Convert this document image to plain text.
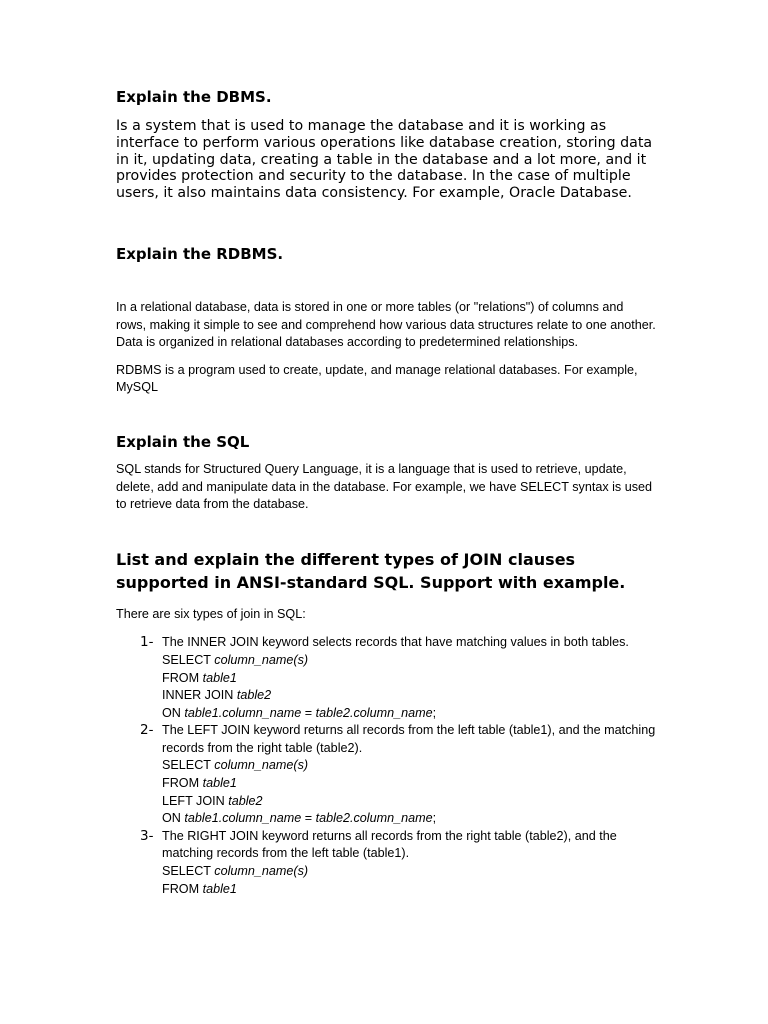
Explain the DBMS.

Is a system that is used to manage the database and it is working as interface to perform various operations like database creation, storing data in it, updating data, creating a table in the database and a lot more, and it provides protection and security to the database. In the case of multiple users, it also maintains data consistency. For example, Oracle Database.

Explain the RDBMS.

In a relational database, data is stored in one or more tables (or "relations") of columns and rows, making it simple to see and comprehend how various data structures relate to one another. Data is organized in relational databases according to predetermined relationships.

RDBMS is a program used to create, update, and manage relational databases. For example, MySQL

Explain the SQL

SQL stands for Structured Query Language, it is a language that is used to retrieve, update, delete, add and manipulate data in the database. For example, we have SELECT syntax is used to retrieve data from the database.

List and explain the different types of JOIN clauses supported in ANSI-standard SQL. Support with example.

There are six types of join in SQL:

1- The INNER JOIN keyword selects records that have matching values in both tables.
SELECT column_name(s)
FROM table1
INNER JOIN table2
ON table1.column_name = table2.column_name;
2- The LEFT JOIN keyword returns all records from the left table (table1), and the matching records from the right table (table2).
SELECT column_name(s)
FROM table1
LEFT JOIN table2
ON table1.column_name = table2.column_name;
3- The RIGHT JOIN keyword returns all records from the right table (table2), and the matching records from the left table (table1).
SELECT column_name(s)
FROM table1
